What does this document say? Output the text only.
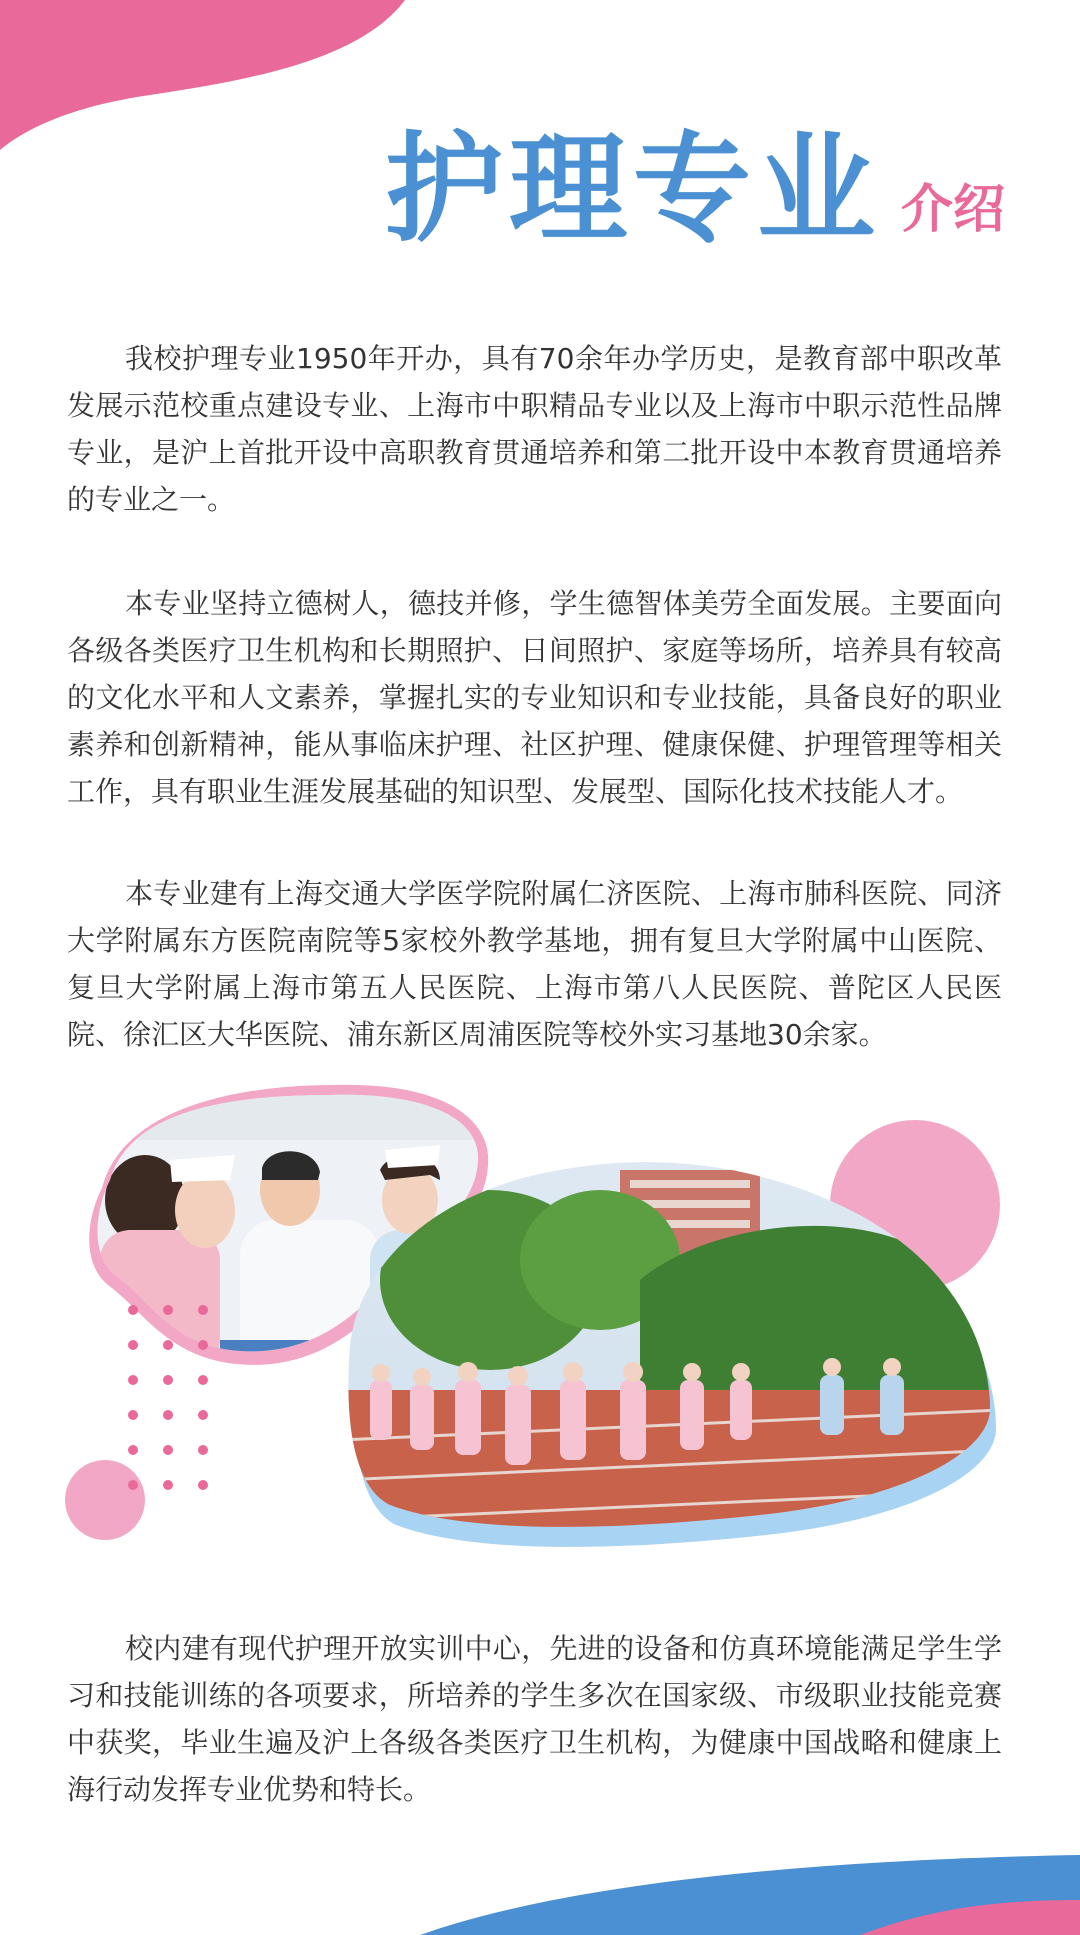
护理专业 介绍

我校护理专业1950年开办，具有70余年办学历史，是教育部中职改革发展示范校重点建设专业、上海市中职精品专业以及上海市中职示范性品牌专业，是沪上首批开设中高职教育贯通培养和第二批开设中本教育贯通培养的专业之一。

本专业坚持立德树人，德技并修，学生德智体美劳全面发展。主要面向各级各类医疗卫生机构和长期照护、日间照护、家庭等场所，培养具有较高的文化水平和人文素养，掌握扎实的专业知识和专业技能，具备良好的职业素养和创新精神，能从事临床护理、社区护理、健康保健、护理管理等相关工作，具有职业生涯发展基础的知识型、发展型、国际化技术技能人才。

本专业建有上海交通大学医学院附属仁济医院、上海市肺科医院、同济大学附属东方医院南院等5家校外教学基地，拥有复旦大学附属中山医院、复旦大学附属上海市第五人民医院、上海市第八人民医院、普陀区人民医院、徐汇区大华医院、浦东新区周浦医院等校外实习基地30余家。

校内建有现代护理开放实训中心，先进的设备和仿真环境能满足学生学习和技能训练的各项要求，所培养的学生多次在国家级、市级职业技能竞赛中获奖，毕业生遍及沪上各级各类医疗卫生机构，为健康中国战略和健康上海行动发挥专业优势和特长。
